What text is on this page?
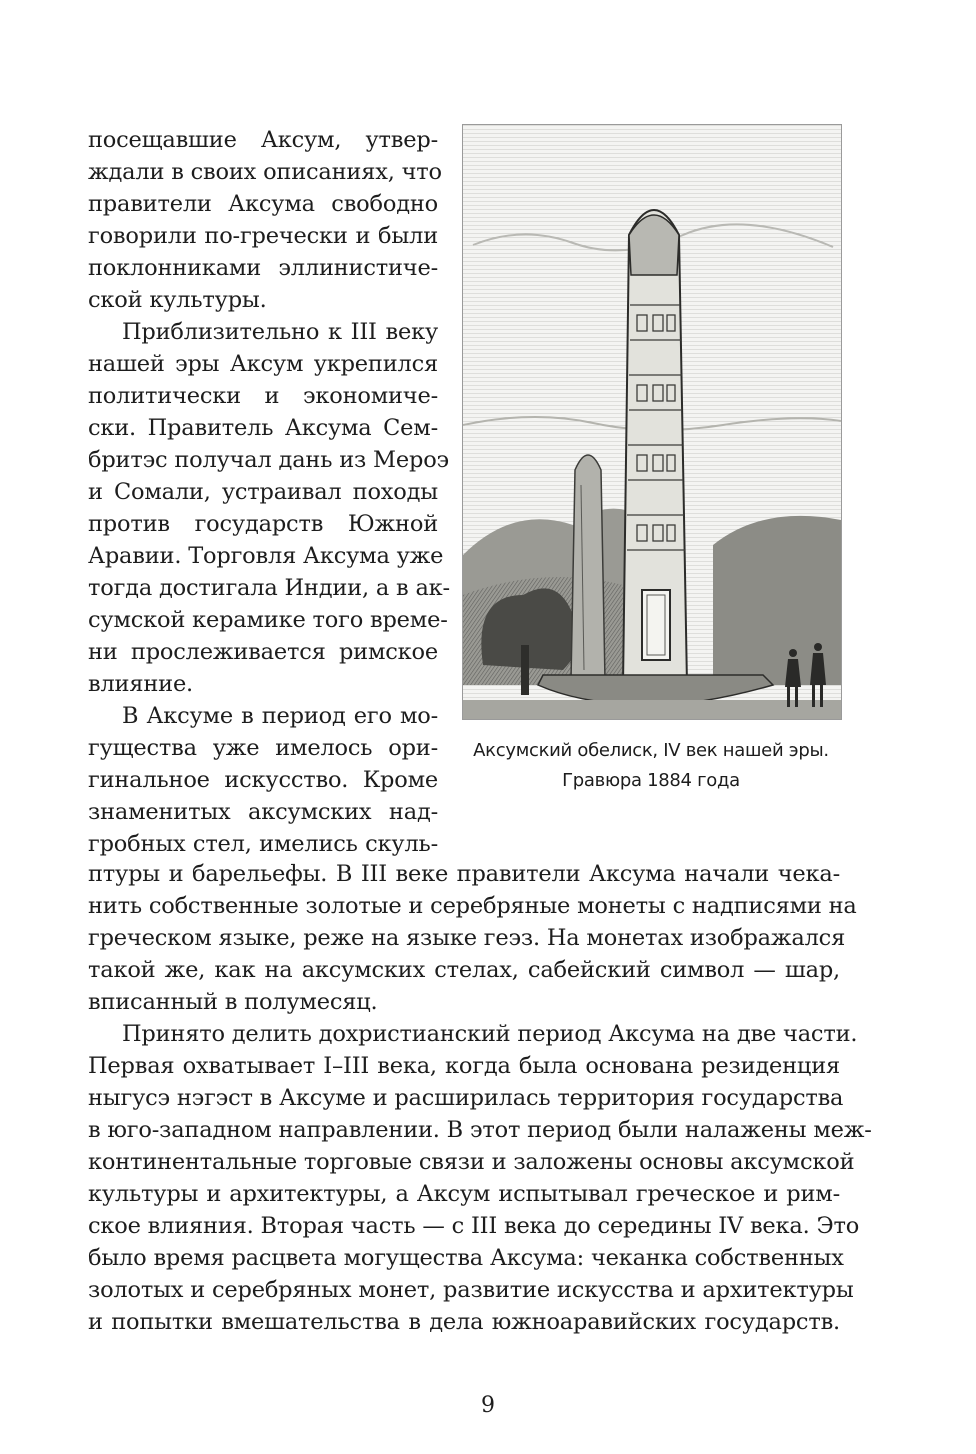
посещавшие Аксум, утвер-

ждали в своих описаниях, что

правители Аксума свободно

говорили по-гречески и были

поклонниками эллинистиче-

ской культуры.

Приблизительно к III веку

нашей эры Аксум укрепился

политически и экономиче-

ски. Правитель Аксума Сем-

бритэс получал дань из Мероэ

и Сомали, устраивал походы

против государств Южной

Аравии. Торговля Аксума уже

тогда достигала Индии, а в ак-

сумской керамике того време-

ни прослеживается римское

влияние.

В Аксуме в период его мо-

гущества уже имелось ори-

гинальное искусство. Кроме

знаменитых аксумских над-

гробных стел, имелись скуль-

Аксумский обелиск, IV век нашей эры.

Гравюра 1884 года

птуры и барельефы. В III веке правители Аксума начали чека-

нить собственные золотые и серебряные монеты с надписями на

греческом языке, реже на языке геэз. На монетах изображался

такой же, как на аксумских стелах, сабейский символ — шар,

вписанный в полумесяц.

Принято делить дохристианский период Аксума на две части.

Первая охватывает I–III века, когда была основана резиденция

ныгусэ нэгэст в Аксуме и расширилась территория государства

в юго-западном направлении. В этот период были налажены меж-

континентальные торговые связи и заложены основы аксумской

культуры и архитектуры, а Аксум испытывал греческое и рим-

ское влияния. Вторая часть — с III века до середины IV века. Это

было время расцвета могущества Аксума: чеканка собственных

золотых и серебряных монет, развитие искусства и архитектуры

и попытки вмешательства в дела южноаравийских государств.

9
